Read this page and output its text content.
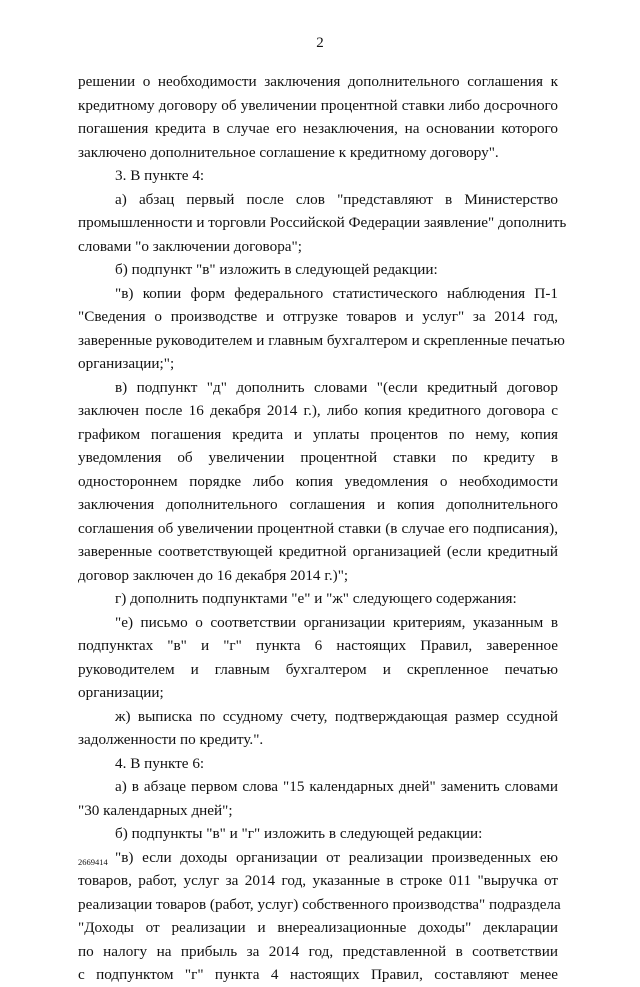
2
решении о необходимости заключения дополнительного соглашения к
кредитному договору об увеличении процентной ставки либо досрочного
погашения кредита в случае его незаключения, на основании которого
заключено дополнительное соглашение к кредитному договору".
3. В пункте 4:
а) абзац первый после слов "представляют в Министерство
промышленности и торговли Российской Федерации заявление" дополнить
словами "о заключении договора";
б) подпункт "в" изложить в следующей редакции:
"в) копии форм федерального статистического наблюдения П-1
"Сведения о производстве и отгрузке товаров и услуг" за 2014 год,
заверенные руководителем и главным бухгалтером и скрепленные печатью
организации;";
в) подпункт "д" дополнить словами "(если кредитный договор
заключен после 16 декабря 2014 г.), либо копия кредитного договора с
графиком погашения кредита и уплаты процентов по нему, копия
уведомления об увеличении процентной ставки по кредиту в
одностороннем порядке либо копия уведомления о необходимости
заключения дополнительного соглашения и копия дополнительного
соглашения об увеличении процентной ставки (в случае его подписания),
заверенные соответствующей кредитной организацией (если кредитный
договор заключен до 16 декабря 2014 г.)";
г) дополнить подпунктами "е" и "ж" следующего содержания:
"е) письмо о соответствии организации критериям, указанным в
подпунктах "в" и "г" пункта 6 настоящих Правил, заверенное
руководителем и главным бухгалтером и скрепленное печатью
организации;
ж) выписка по ссудному счету, подтверждающая размер ссудной
задолженности по кредиту.".
4. В пункте 6:
а) в абзаце первом слова "15 календарных дней" заменить словами
"30 календарных дней";
б) подпункты "в" и "г" изложить в следующей редакции:
"в) если доходы организации от реализации произведенных ею
товаров, работ, услуг за 2014 год, указанные в строке 011 "выручка от
реализации товаров (работ, услуг) собственного производства" подраздела
"Доходы от реализации и внереализационные доходы" декларации
по налогу на прибыль за 2014 год, представленной в соответствии
с подпунктом "г" пункта 4 настоящих Правил, составляют менее
2669414
